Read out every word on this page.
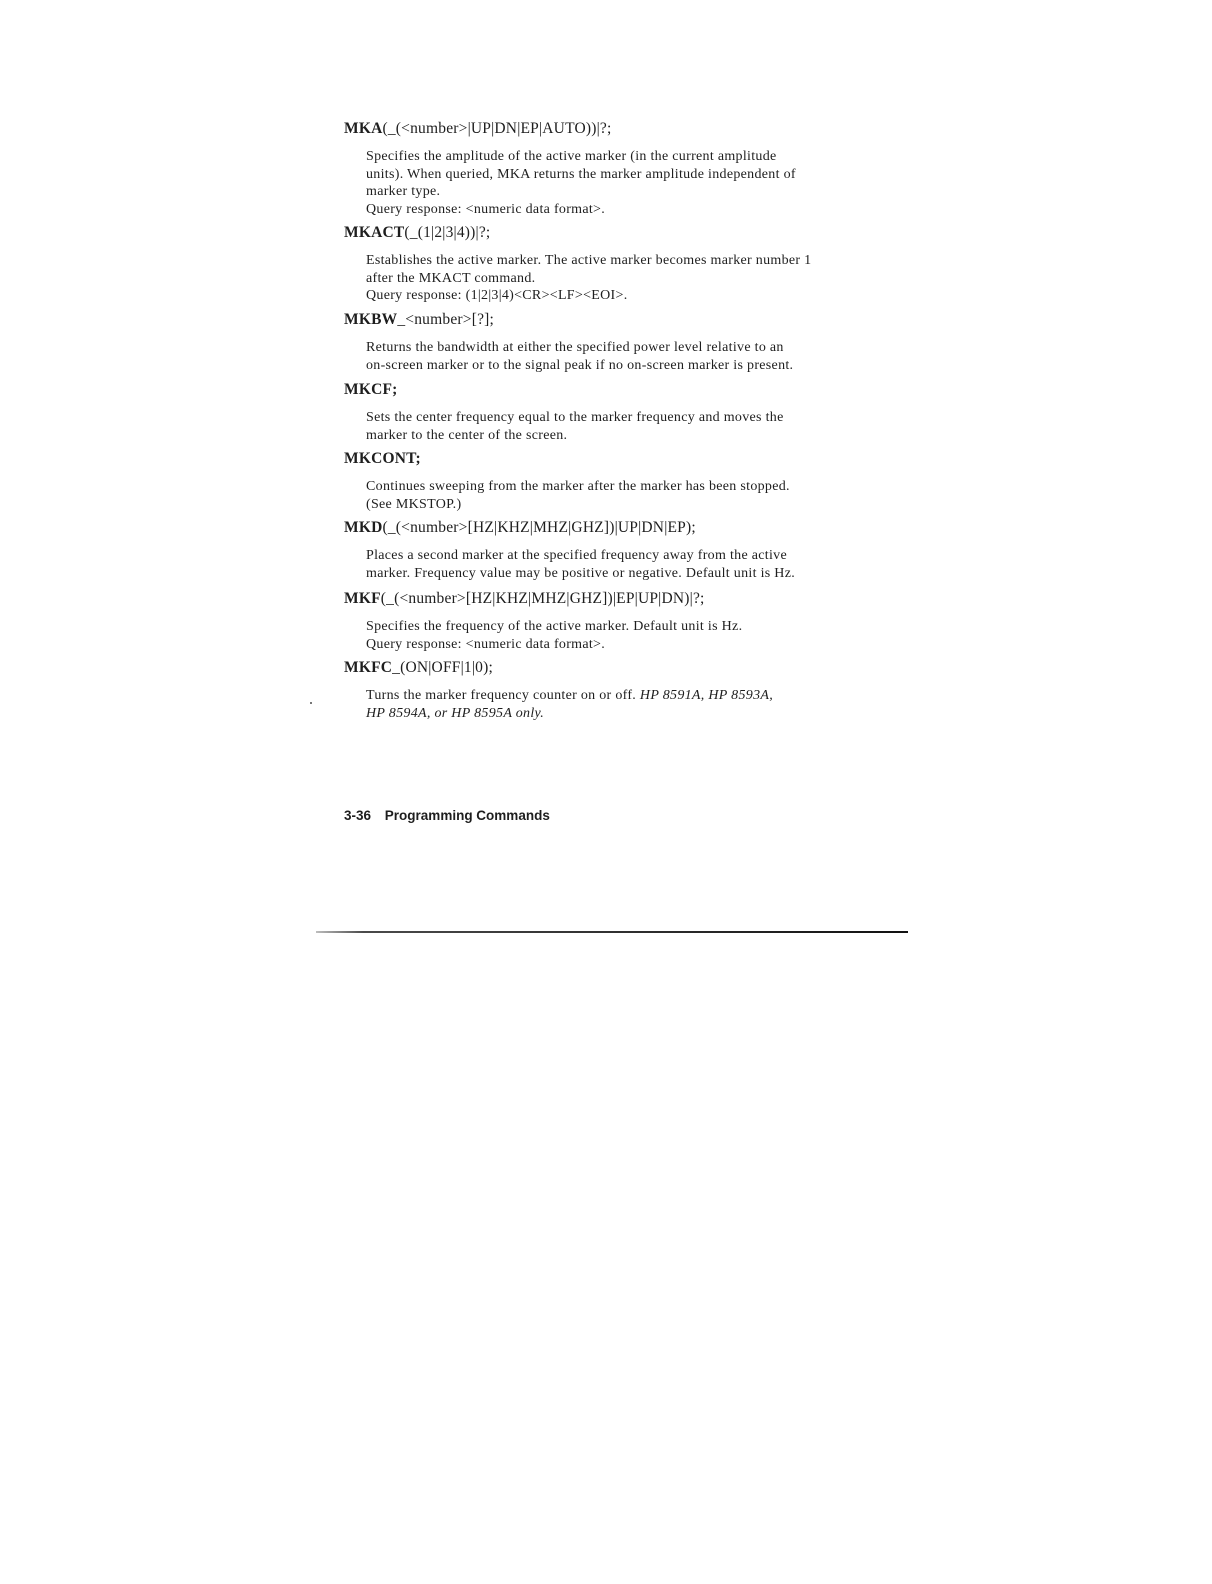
MKA(_(<number>|UP|DN|EP|AUTO))|?;
Specifies the amplitude of the active marker (in the current amplitude
units). When queried, MKA returns the marker amplitude independent of
marker type.
Query response: <numeric data format>.
MKACT(_(1|2|3|4))|?;
Establishes the active marker. The active marker becomes marker number 1
after the MKACT command.
Query response: (1|2|3|4)<CR><LF><EOI>.
MKBW_<number>[?];
Returns the bandwidth at either the specified power level relative to an
on-screen marker or to the signal peak if no on-screen marker is present.
MKCF;
Sets the center frequency equal to the marker frequency and moves the
marker to the center of the screen.
MKCONT;
Continues sweeping from the marker after the marker has been stopped.
(See MKSTOP.)
MKD(_(<number>[HZ|KHZ|MHZ|GHZ])|UP|DN|EP);
Places a second marker at the specified frequency away from the active
marker. Frequency value may be positive or negative. Default unit is Hz.
MKF(_(<number>[HZ|KHZ|MHZ|GHZ])|EP|UP|DN)|?;
Specifies the frequency of the active marker. Default unit is Hz.
Query response: <numeric data format>.
MKFC_(ON|OFF|1|0);
Turns the marker frequency counter on or off. HP 8591A, HP 8593A,
HP 8594A, or HP 8595A only.
3-36 Programming Commands
